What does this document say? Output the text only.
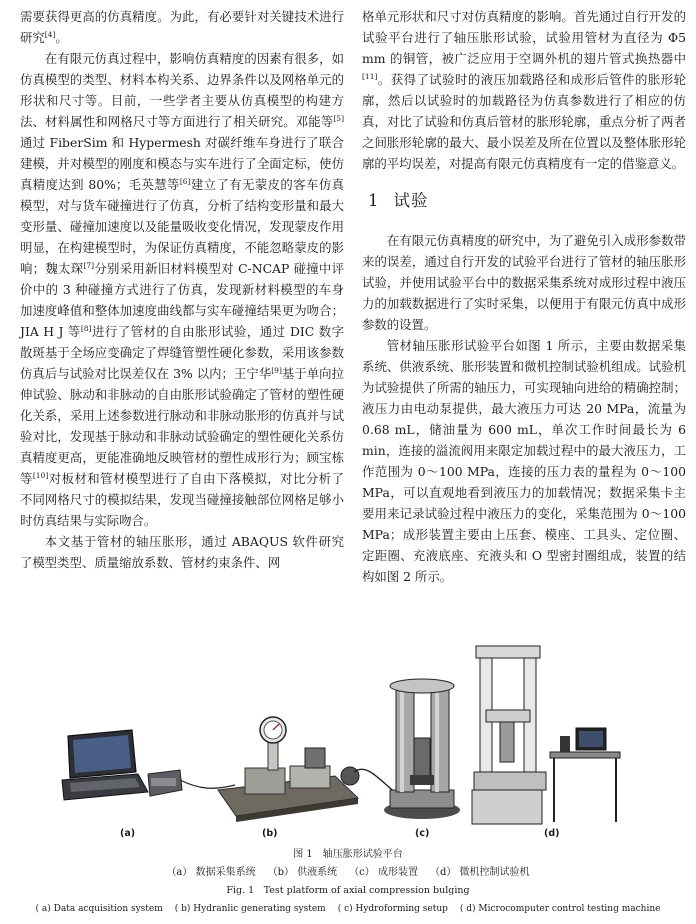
需要获得更高的仿真精度。为此，有必要针对关键技术进行研究[4]。

在有限元仿真过程中，影响仿真精度的因素有很多，如仿真模型的类型、材料本构关系、边界条件以及网格单元的形状和尺寸等。目前，一些学者主要从仿真模型的构建方法、材料属性和网格尺寸等方面进行了相关研究。邓能等[5]通过 FiberSim 和 Hypermesh 对碳纤维车身进行了联合建模，并对模型的刚度和模态与实车进行了全面定标，使仿真精度达到 80%；毛英慧等[6]建立了有无蒙皮的客车仿真模型，对与货车碰撞进行了仿真，分析了结构变形量和最大变形量、碰撞加速度以及能量吸收变化情况，发现蒙皮作用明显，在构建模型时，为保证仿真精度，不能忽略蒙皮的影响；魏太琛[7]分别采用新旧材料模型对 C-NCAP 碰撞中评价中的 3 种碰撞方式进行了仿真，发现新材料模型的车身加速度峰值和整体加速度曲线都与实车碰撞结果更为吻合；JIA H J 等[8]进行了管材的自由胀形试验，通过 DIC 数字散斑基于全场应变确定了焊缝管塑性硬化参数，采用该参数仿真后与试验对比误差仅在 3% 以内；王宁华[9]基于单向拉伸试验、脉动和非脉动的自由胀形试验确定了管材的塑性硬化关系，采用上述参数进行脉动和非脉动胀形的仿真并与试验对比，发现基于脉动和非脉动试验确定的塑性硬化关系仿真精度更高，更能准确地反映管材的塑性成形行为；顾宝栋等[10]对板材和管材模型进行了自由下落模拟，对比分析了不同网格尺寸的模拟结果，发现当碰撞接触部位网格足够小时仿真结果与实际吻合。

本文基于管材的轴压胀形，通过 ABAQUS 软件研究了模型类型、质量缩放系数、管材约束条件、网

格单元形状和尺寸对仿真精度的影响。首先通过自行开发的试验平台进行了轴压胀形试验，试验用管材为直径为 Φ5 mm 的铜管，被广泛应用于空调外机的翅片管式换热器中[11]。获得了试验时的液压加载路径和成形后管件的胀形轮廓，然后以试验时的加载路径为仿真参数进行了相应的仿真，对比了试验和仿真后管材的胀形轮廓，重点分析了两者之间胀形轮廓的最大、最小误差及所在位置以及整体胀形轮廓的平均误差，对提高有限元仿真精度有一定的借鉴意义。

1 试验

在有限元仿真精度的研究中，为了避免引入成形参数带来的误差，通过自行开发的试验平台进行了管材的轴压胀形试验，并使用试验平台中的数据采集系统对成形过程中液压力的加载数据进行了实时采集，以便用于有限元仿真中成形参数的设置。

管材轴压胀形试验平台如图 1 所示，主要由数据采集系统、供液系统、胀形装置和微机控制试验机组成。试验机为试验提供了所需的轴压力，可实现轴向进给的精确控制；液压力由电动泵提供，最大液压力可达 20 MPa，流量为 0.68 mL，储油量为 600 mL，单次工作时间最长为 6 min，连接的溢流阀用来限定加载过程中的最大液压力，工作范围为 0～100 MPa，连接的压力表的量程为 0～100 MPa，可以直观地看到液压力的加载情况；数据采集卡主要用来记录试验过程中液压力的变化，采集范围为 0～100 MPa；成形装置主要由上压套、模座、工具头、定位圈、定距圈、充液底座、充液头和 O 型密封圈组成，装置的结构如图 2 所示。

(a)	(b)	(c)	(d)
图 1　轴压胀形试验平台
（a） 数据采集系统 （b） 供液系统 （c） 成形装置 （d） 微机控制试验机
Fig. 1　Test platform of axial compression bulging
( a) Data acquisition system ( b) Hydranlic generating system ( c) Hydroforming setup ( d) Microcomputer control testing machine
